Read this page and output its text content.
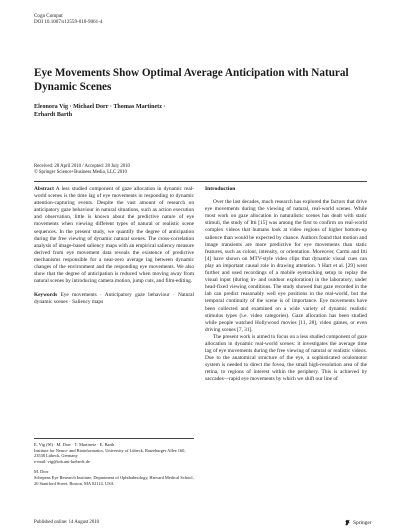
Cogn Comput
DOI 10.1007/s12559-010-9061-4
Eye Movements Show Optimal Average Anticipation with Natural Dynamic Scenes
Eleonora Vig · Michael Dorr · Thomas Martinetz ·
Erhardt Barth
Received: 28 April 2010 / Accepted: 28 July 2010
© Springer Science+Business Media, LLC 2010

Abstract A less studied component of gaze allocation in dynamic real-world scenes is the time lag of eye movements in responding to dynamic attention-capturing events. Despite the vast amount of research on anticipatory gaze behaviour in natural situations, such as action execution and observation, little is known about the predictive nature of eye movements when viewing different types of natural or realistic scene sequences. In the present study, we quantify the degree of anticipation during the free viewing of dynamic natural scenes. The cross-correlation analysis of image-based saliency maps with an empirical saliency measure derived from eye movement data reveals the existence of predictive mechanisms responsible for a near-zero average lag between dynamic changes of the environment and the responding eye movements. We also show that the degree of anticipation is reduced when moving away from natural scenes by introducing camera motion, jump cuts, and film-editing.

Keywords Eye movements · Anticipatory gaze behaviour · Natural dynamic scenes · Saliency maps

E. Vig (✉) · M. Dorr · T. Martinetz · E. Barth
Institute for Neuro- and Bioinformatics, University of Lübeck, Ratzeburger Allee 160, 23538 Lübeck, Germany
e-mail: vig@inb.uni-luebeck.de

M. Dorr
Schepens Eye Research Institute, Department of Ophthalmology, Harvard Medical School, 20 Staniford Street, Boston, MA 02114, USA

Introduction

Over the last decades, much research has explored the factors that drive eye movements during the viewing of natural, real-world scenes. While most work on gaze allocation in naturalistic scenes has dealt with static stimuli, the study of Itti [15] was among the first to confirm on real-world complex videos that humans look at video regions of higher bottom-up salience than would be expected by chance. Authors found that motion and image transients are more predictive for eye movements than static features, such as colour, intensity, or orientation. Moreover, Carmi and Itti [4] have shown on MTV-style video clips that dynamic visual cues can play an important causal role in drawing attention. 't Hart et al. [29] went further and used recordings of a mobile eyetracking setup to replay the visual input (during in- and outdoor exploration) in the laboratory, under head-fixed viewing conditions. The study showed that gaze recorded in the lab can predict reasonably well eye positions in the real-world, but the temporal continuity of the scene is of importance. Eye movements have been collected and examined on a wide variety of dynamic realistic stimulus types (i.e. video categories). Gaze allocation has been studied while people watched Hollywood movies [11, 28], video games, or even driving scenes [7, 31].

The present work is aimed to focus on a less studied component of gaze allocation in dynamic real-world scenes: it investigates the average time lag of eye movements during the free viewing of natural or realistic videos. Due to the anatomical structure of the eye, a sophisticated oculomotor system is needed to direct the fovea, the small high-resolution area of the retina, to regions of interest within the periphery. This is achieved by saccades—rapid eye movements by which we shift our line of

Published online: 14 August 2010	Springer
